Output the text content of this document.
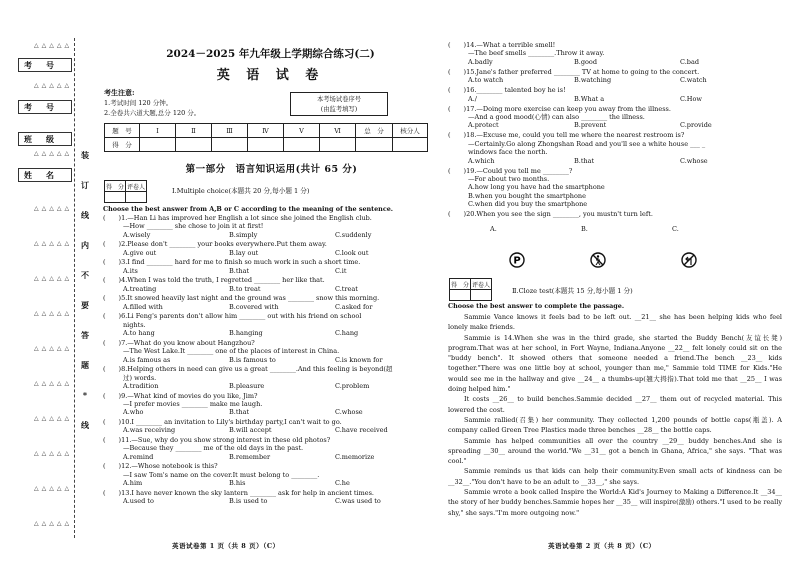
考号
考号
班级
姓名
△△△△△
△△△△△
△△△△△
△△△△△
△△△△△
△△△△△
△△△△△
△△△△△
△△△△△
△△△△△
△△△△△
△△△△△
△△△△△
装
订
线
内
不
要
答
题
*
线
2024－2025 年九年级上学期综合练习(二)
英 语 试 卷
考生注意:
1.考试时间 120 分钟。
2.全卷共六道大题,总分 120 分。
本考场试卷序号
(由监考填写)
题　号	Ⅰ	Ⅱ	Ⅲ	Ⅳ	Ⅴ	Ⅵ	总　分	核分人
得　分								
第一部分　语言知识运用(共计 65 分)
得　分	评卷人
		Ⅰ.Multiple choice(本题共 20 分,每小题 1 分)
Choose the best answer from A,B or C according to the meaning of the sentence.
(　　)1.—Han Li has improved her English a lot since she joined the English club.
—How ________ she chose to join it at first!
A.wisely	B.simply	C.suddenly
(　　)2.Please don't ________ your books everywhere.Put them away.
A.give out	B.lay out	C.look out
(　　)3.I find ________ hard for me to finish so much work in such a short time.
A.its	B.that	C.it
(　　)4.When I was told the truth, I regretted ________ her like that.
A.treating	B.to treat	C.treat
(　　)5.It snowed heavily last night and the ground was ________ snow this morning.
A.filled with	B.covered with	C.asked for
(　　)6.Li Feng's parents don't allow him ________ out with his friend on school
nights.
A.to hang	B.hanging	C.hang
(　　)7.—What do you know about Hangzhou?
—The West Lake.It ________ one of the places of interest in China.
A.is famous as	B.is famous to	C.is known for
(　　)8.Helping others in need can give us a great ________.And this feeling is beyond(超
过) words.
A.tradition	B.pleasure	C.problem
(　　)9.—What kind of movies do you like, Jim?
—I prefer movies ________ make me laugh.
A.who	B.that	C.whose
(　　)10.I ________ an invitation to Lily's birthday party,I can't wait to go.
A.was receiving	B.will accept	C.have received
(　　)11.—Sue, why do you show strong interest in these old photos?
—Because they ________ me of the old days in the past.
A.remind	B.remember	C.memorize
(　　)12.—Whose notebook is this?
—I saw Tom's name on the cover.It must belong to ________.
A.him	B.his	C.he
(　　)13.I have never known the sky lantern ________ ask for help in ancient times.
A.used to	B.is used to	C.was used to
英语试卷第 1 页（共 8 页）（C）
(　　)14.—What a terrible smell!
—The beef smells ________.Throw it away.
A.badly	B.good	C.bad
(　　)15.Jane's father preferred ________ TV at home to going to the concert.
A.to watch	B.watching	C.watch
(　　)16.________ talented boy he is!
A./	B.What a	C.How
(　　)17.—Doing more exercise can keep you away from the illness.
—And a good mood(心情) can also ________ the illness.
A.protect	B.prevent	C.provide
(　　)18.—Excuse me, could you tell me where the nearest restroom is?
—Certainly.Go along Zhongshan Road and you'll see a white house ___ _
windows face the north.
A.which	B.that	C.whose
(　　)19.—Could you tell me ________?
—For about two months.
A.how long you have had the smartphone
B.when you bought the smartphone
C.when did you buy the smartphone
(　　)20.When you see the sign ________, you mustn't turn left.
A.	B.	C.
P
得　分	评卷人

Ⅱ.Cloze test(本题共 15 分,每小题 1 分)
Choose the best answer to complete the passage.

Sammie Vance knows it feels bad to be left out. __21__ she has been helping kids who feel lonely make friends.

Sammie is 14.When she was in the third grade, she started the Buddy Bench(友谊长凳) program.That was at her school, in Fort Wayne, Indiana.Anyone __22__ felt lonely could sit on the "buddy bench". It showed others that someone needed a friend.The bench __23__ kids together."There was one little boy at school, younger than me," Sammie told TIME for Kids."He would see me in the hallway and give __24__ a thumbs-up(翘大拇指).That told me that __25__ I was doing helped him."

It costs __26__ to build benches.Sammie decided __27__ them out of recycled material. This lowered the cost.

Sammie rallied(召集) her community. They collected 1,200 pounds of bottle caps(瓶盖). A company called Green Tree Plastics made three benches __28__ the bottle caps.

Sammie has helped communities all over the country __29__ buddy benches.And she is spreading __30__ around the world."We __31__ got a bench in Ghana, Africa," she says. "That was cool."

Sammie reminds us that kids can help their community.Even small acts of kindness can be __32__."You don't have to be an adult to __33__," she says.

Sammie wrote a book called Inspire the World:A Kid's Journey to Making a Difference.It __34__ the story of her buddy benches.Sammie hopes her __35__ will inspire(激励) others."I used to be really shy," she says."I'm more outgoing now."

英语试卷第 2 页（共 8 页）（C）
